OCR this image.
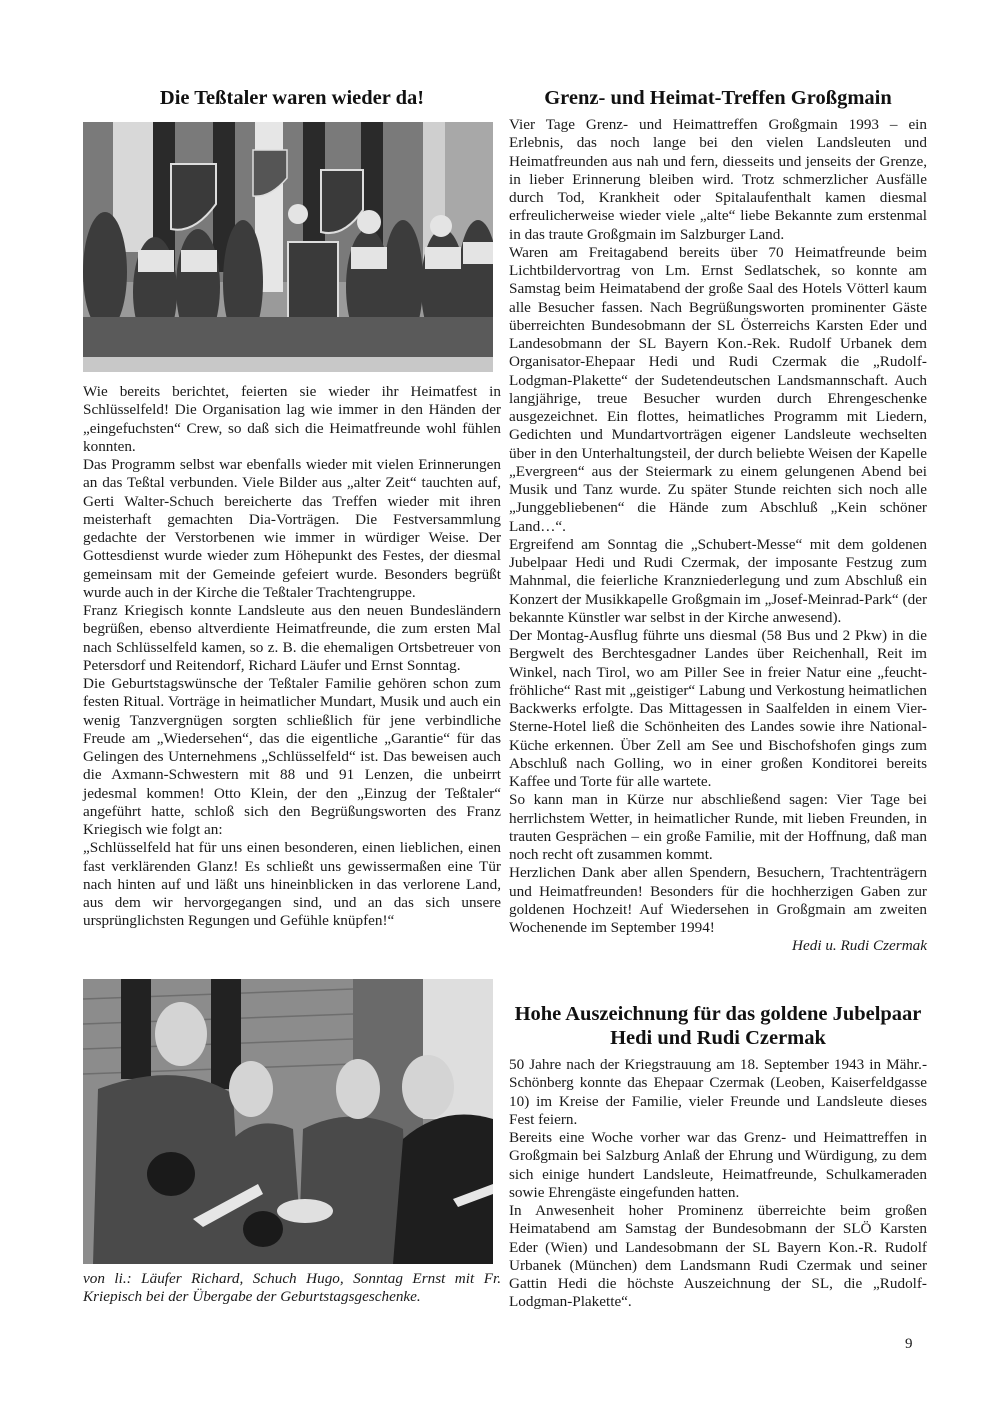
Die Teßtaler waren wieder da!

Wie bereits berichtet, feierten sie wieder ihr Heimatfest in Schlüsselfeld! Die Organisation lag wie immer in den Händen der „eingefuchsten“ Crew, so daß sich die Heimatfreunde wohl fühlen konnten.

Das Programm selbst war ebenfalls wieder mit vielen Erinnerungen an das Teßtal verbunden. Viele Bilder aus „alter Zeit“ tauchten auf, Gerti Walter-Schuch bereicherte das Treffen wieder mit ihren meisterhaft gemachten Dia-Vorträgen. Die Festversammlung gedachte der Verstorbenen wie immer in würdiger Weise. Der Gottesdienst wurde wieder zum Höhepunkt des Festes, der diesmal gemeinsam mit der Gemeinde gefeiert wurde. Besonders begrüßt wurde auch in der Kirche die Teßtaler Trachtengruppe.

Franz Kriegisch konnte Landsleute aus den neuen Bundesländern begrüßen, ebenso altverdiente Heimatfreunde, die zum ersten Mal nach Schlüsselfeld kamen, so z. B. die ehemaligen Ortsbetreuer von Petersdorf und Reitendorf, Richard Läufer und Ernst Sonntag.

Die Geburtstagswünsche der Teßtaler Familie gehören schon zum festen Ritual. Vorträge in heimatlicher Mundart, Musik und auch ein wenig Tanzvergnügen sorgten schließlich für jene verbindliche Freude am „Wiedersehen“, das die eigentliche „Garantie“ für das Gelingen des Unternehmens „Schlüsselfeld“ ist. Das beweisen auch die Axmann-Schwestern mit 88 und 91 Lenzen, die unbeirrt jedesmal kommen! Otto Klein, der den „Einzug der Teßtaler“ angeführt hatte, schloß sich den Begrüßungsworten des Franz Kriegisch wie folgt an:

„Schlüsselfeld hat für uns einen besonderen, einen lieblichen, einen fast verklärenden Glanz! Es schließt uns gewissermaßen eine Tür nach hinten auf und läßt uns hineinblicken in das verlorene Land, aus dem wir hervorgegangen sind, und an das sich unsere ursprünglichsten Regungen und Gefühle knüpfen!“

von li.: Läufer Richard, Schuch Hugo, Sonntag Ernst mit Fr. Kriepisch bei der Übergabe der Geburtstagsgeschenke.

Grenz- und Heimat-Treffen Großgmain

Vier Tage Grenz- und Heimattreffen Großgmain 1993 – ein Erlebnis, das noch lange bei den vielen Landsleuten und Heimatfreunden aus nah und fern, diesseits und jenseits der Grenze, in lieber Erinnerung bleiben wird. Trotz schmerzlicher Ausfälle durch Tod, Krankheit oder Spitalaufenthalt kamen diesmal erfreulicherweise wieder viele „alte“ liebe Bekannte zum erstenmal in das traute Großgmain im Salzburger Land.

Waren am Freitagabend bereits über 70 Heimatfreunde beim Lichtbildervortrag von Lm. Ernst Sedlatschek, so konnte am Samstag beim Heimatabend der große Saal des Hotels Vötterl kaum alle Besucher fassen. Nach Begrüßungsworten prominenter Gäste überreichten Bundesobmann der SL Österreichs Karsten Eder und Landesobmann der SL Bayern Kon.-Rek. Rudolf Urbanek dem Organisator-Ehepaar Hedi und Rudi Czermak die „Rudolf-Lodgman-Plakette“ der Sudetendeutschen Landsmannschaft. Auch langjährige, treue Besucher wurden durch Ehrengeschenke ausgezeichnet. Ein flottes, heimatliches Programm mit Liedern, Gedichten und Mundartvorträgen eigener Landsleute wechselten über in den Unterhaltungsteil, der durch beliebte Weisen der Kapelle „Evergreen“ aus der Steiermark zu einem gelungenen Abend bei Musik und Tanz wurde. Zu später Stunde reichten sich noch alle „Junggebliebenen“ die Hände zum Abschluß „Kein schöner Land…“.

Ergreifend am Sonntag die „Schubert-Messe“ mit dem goldenen Jubelpaar Hedi und Rudi Czermak, der imposante Festzug zum Mahnmal, die feierliche Kranzniederlegung und zum Abschluß ein Konzert der Musikkapelle Großgmain im „Josef-Meinrad-Park“ (der bekannte Künstler war selbst in der Kirche anwesend).

Der Montag-Ausflug führte uns diesmal (58 Bus und 2 Pkw) in die Bergwelt des Berchtesgadner Landes über Reichenhall, Reit im Winkel, nach Tirol, wo am Piller See in freier Natur eine „feucht-fröhliche“ Rast mit „geistiger“ Labung und Verkostung heimatlichen Backwerks erfolgte. Das Mittagessen in Saalfelden in einem Vier-Sterne-Hotel ließ die Schönheiten des Landes sowie ihre National-Küche erkennen. Über Zell am See und Bischofshofen gings zum Abschluß nach Golling, wo in einer großen Konditorei bereits Kaffee und Torte für alle wartete.

So kann man in Kürze nur abschließend sagen: Vier Tage bei herrlichstem Wetter, in heimatlicher Runde, mit lieben Freunden, in trauten Gesprächen – ein große Familie, mit der Hoffnung, daß man noch recht oft zusammen kommt.

Herzlichen Dank aber allen Spendern, Besuchern, Trachtenträgern und Heimatfreunden! Besonders für die hochherzigen Gaben zur goldenen Hochzeit! Auf Wiedersehen in Großgmain am zweiten Wochenende im September 1994!

Hedi u. Rudi Czermak

Hohe Auszeichnung für das goldene Jubelpaar
Hedi und Rudi Czermak

50 Jahre nach der Kriegstrauung am 18. September 1943 in Mähr.-Schönberg konnte das Ehepaar Czermak (Leoben, Kaiserfeldgasse 10) im Kreise der Familie, vieler Freunde und Landsleute dieses Fest feiern.

Bereits eine Woche vorher war das Grenz- und Heimattreffen in Großgmain bei Salzburg Anlaß der Ehrung und Würdigung, zu dem sich einige hundert Landsleute, Heimatfreunde, Schulkameraden sowie Ehrengäste eingefunden hatten.

In Anwesenheit hoher Prominenz überreichte beim großen Heimatabend am Samstag der Bundesobmann der SLÖ Karsten Eder (Wien) und Landesobmann der SL Bayern Kon.-R. Rudolf Urbanek (München) dem Landsmann Rudi Czermak und seiner Gattin Hedi die höchste Auszeichnung der SL, die „Rudolf-Lodgman-Plakette“.

9
